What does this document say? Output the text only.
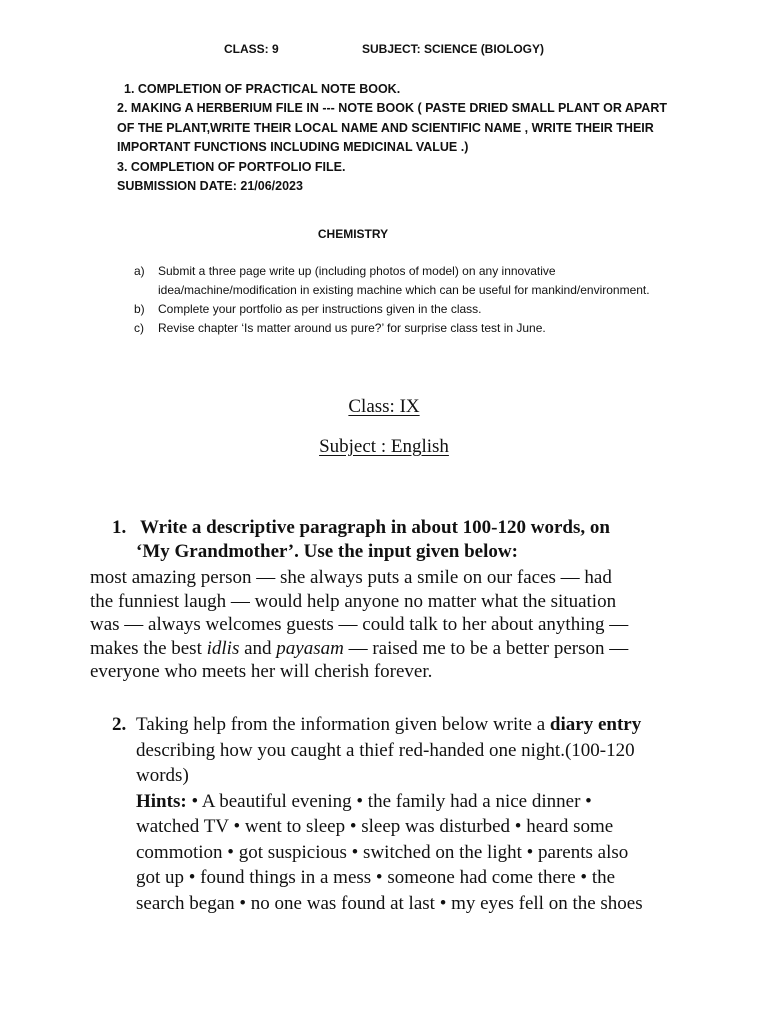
CLASS: 9	SUBJECT: SCIENCE (BIOLOGY)
1. COMPLETION OF PRACTICAL NOTE BOOK.
2. MAKING A HERBERIUM FILE IN --- NOTE BOOK ( PASTE DRIED SMALL PLANT OR APART
OF THE PLANT,WRITE THEIR LOCAL NAME AND SCIENTIFIC NAME , WRITE THEIR THEIR
IMPORTANT FUNCTIONS INCLUDING MEDICINAL VALUE .)
3. COMPLETION OF PORTFOLIO FILE.
SUBMISSION DATE: 21/06/2023
CHEMISTRY
a)	Submit a three page write up (including photos of model) on any innovative idea/machine/modification in existing machine which can be useful for mankind/environment.
b)	Complete your portfolio as per instructions given in the class.
c)	Revise chapter ‘Is matter around us pure?’ for surprise class test in June.
Class: IX
Subject : English
1. Write a descriptive paragraph in about 100-120 words, on
‘My Grandmother’. Use the input given below:
most amazing person — she always puts a smile on our faces — had
the funniest laugh — would help anyone no matter what the situation
was — always welcomes guests — could talk to her about anything —
makes the best idlis and payasam — raised me to be a better person —
everyone who meets her will cherish forever.
2. Taking help from the information given below write a diary entry
describing how you caught a thief red-handed one night.(100-120
words)
Hints: • A beautiful evening • the family had a nice dinner •
watched TV • went to sleep • sleep was disturbed • heard some
commotion • got suspicious • switched on the light • parents also
got up • found things in a mess • someone had come there • the
search began • no one was found at last • my eyes fell on the shoes
